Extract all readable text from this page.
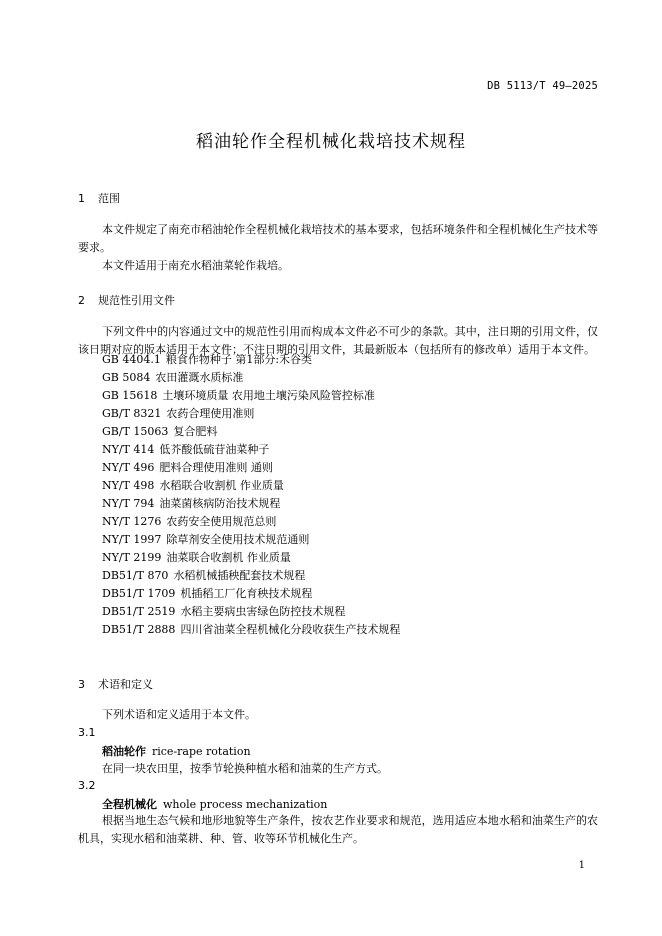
DB 5113/T 49—2025
稻油轮作全程机械化栽培技术规程
1 范围
本文件规定了南充市稻油轮作全程机械化栽培技术的基本要求，包括环境条件和全程机械化生产技术等要求。
本文件适用于南充水稻油菜轮作栽培。
2 规范性引用文件
下列文件中的内容通过文中的规范性引用而构成本文件必不可少的条款。其中，注日期的引用文件，仅该日期对应的版本适用于本文件；不注日期的引用文件，其最新版本（包括所有的修改单）适用于本文件。
GB 4404.1 粮食作物种子 第1部分:禾谷类
GB 5084 农田灌溉水质标准
GB 15618 土壤环境质量 农用地土壤污染风险管控标准
GB/T 8321 农药合理使用准则
GB/T 15063 复合肥料
NY/T 414 低芥酸低硫苷油菜种子
NY/T 496 肥料合理使用准则 通则
NY/T 498 水稻联合收割机 作业质量
NY/T 794 油菜菌核病防治技术规程
NY/T 1276 农药安全使用规范总则
NY/T 1997 除草剂安全使用技术规范通则
NY/T 2199 油菜联合收割机 作业质量
DB51/T 870 水稻机械插秧配套技术规程
DB51/T 1709 机插稻工厂化育秧技术规程
DB51/T 2519 水稻主要病虫害绿色防控技术规程
DB51/T 2888 四川省油菜全程机械化分段收获生产技术规程
3 术语和定义
下列术语和定义适用于本文件。
3.1
稻油轮作 rice-rape rotation
在同一块农田里，按季节轮换种植水稻和油菜的生产方式。
3.2
全程机械化 whole process mechanization
根据当地生态气候和地形地貌等生产条件，按农艺作业要求和规范，选用适应本地水稻和油菜生产的农机具，实现水稻和油菜耕、种、管、收等环节机械化生产。
1
